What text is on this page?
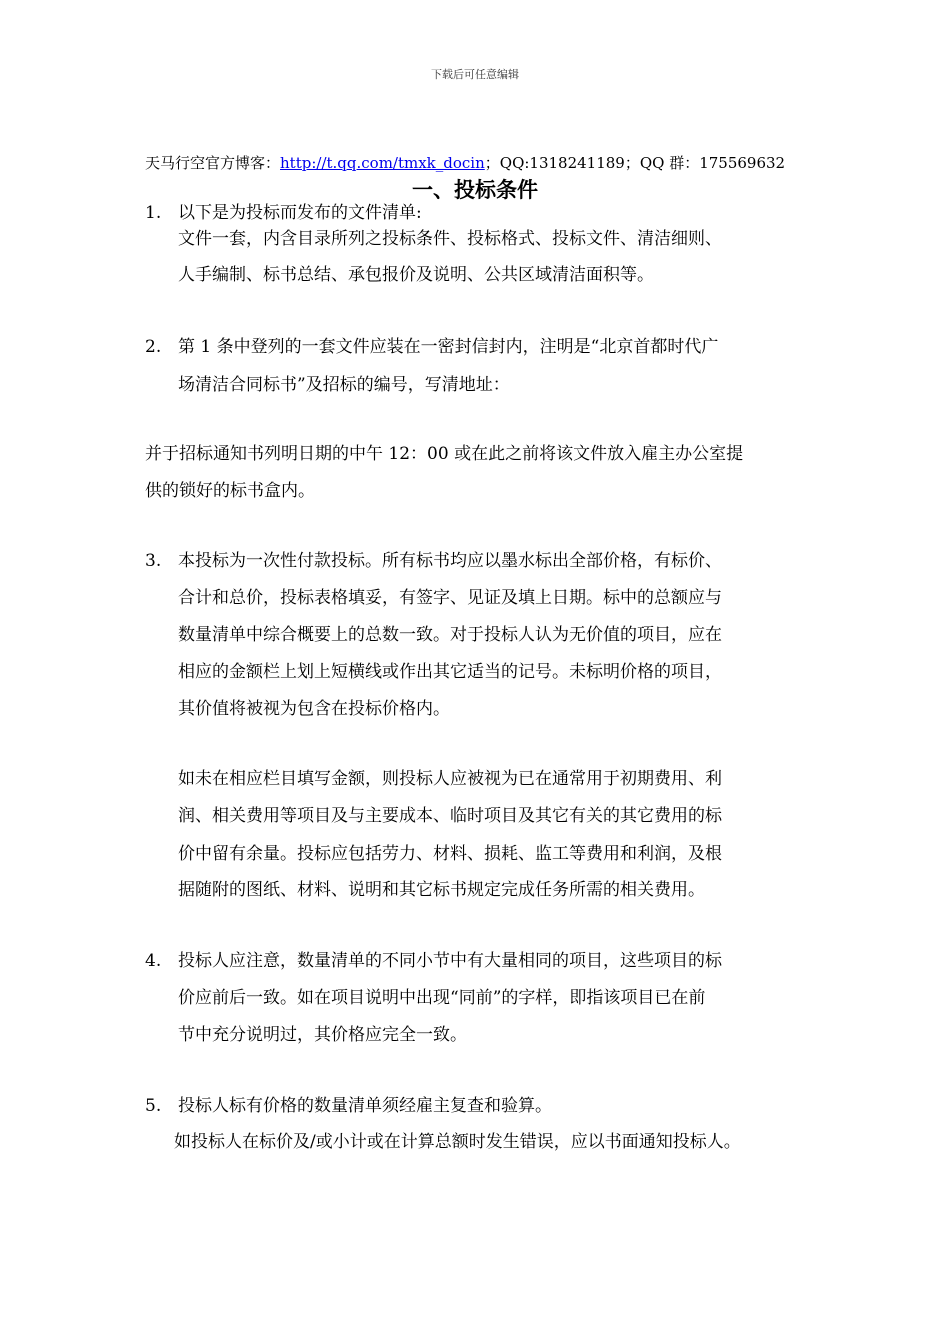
下载后可任意编辑
天马行空官方博客：http://t.qq.com/tmxk_docin；QQ:1318241189；QQ 群：175569632
一、投标条件
1. 以下是为投标而发布的文件清单:
文件一套，内含目录所列之投标条件、投标格式、投标文件、清洁细则、
人手编制、标书总结、承包报价及说明、公共区域清洁面积等。
2. 第 1 条中登列的一套文件应装在一密封信封内，注明是“北京首都时代广
场清洁合同标书”及招标的编号，写清地址：
并于招标通知书列明日期的中午 12：00 或在此之前将该文件放入雇主办公室提
供的锁好的标书盒内。
3. 本投标为一次性付款投标。所有标书均应以墨水标出全部价格，有标价、
合计和总价，投标表格填妥，有签字、见证及填上日期。标中的总额应与
数量清单中综合概要上的总数一致。对于投标人认为无价值的项目，应在
相应的金额栏上划上短横线或作出其它适当的记号。未标明价格的项目，
其价值将被视为包含在投标价格内。
如未在相应栏目填写金额，则投标人应被视为已在通常用于初期费用、利
润、相关费用等项目及与主要成本、临时项目及其它有关的其它费用的标
价中留有余量。投标应包括劳力、材料、损耗、监工等费用和利润，及根
据随附的图纸、材料、说明和其它标书规定完成任务所需的相关费用。
4. 投标人应注意，数量清单的不同小节中有大量相同的项目，这些项目的标
价应前后一致。如在项目说明中出现“同前”的字样，即指该项目已在前
节中充分说明过，其价格应完全一致。
5. 投标人标有价格的数量清单须经雇主复查和验算。
如投标人在标价及/或小计或在计算总额时发生错误，应以书面通知投标人。
